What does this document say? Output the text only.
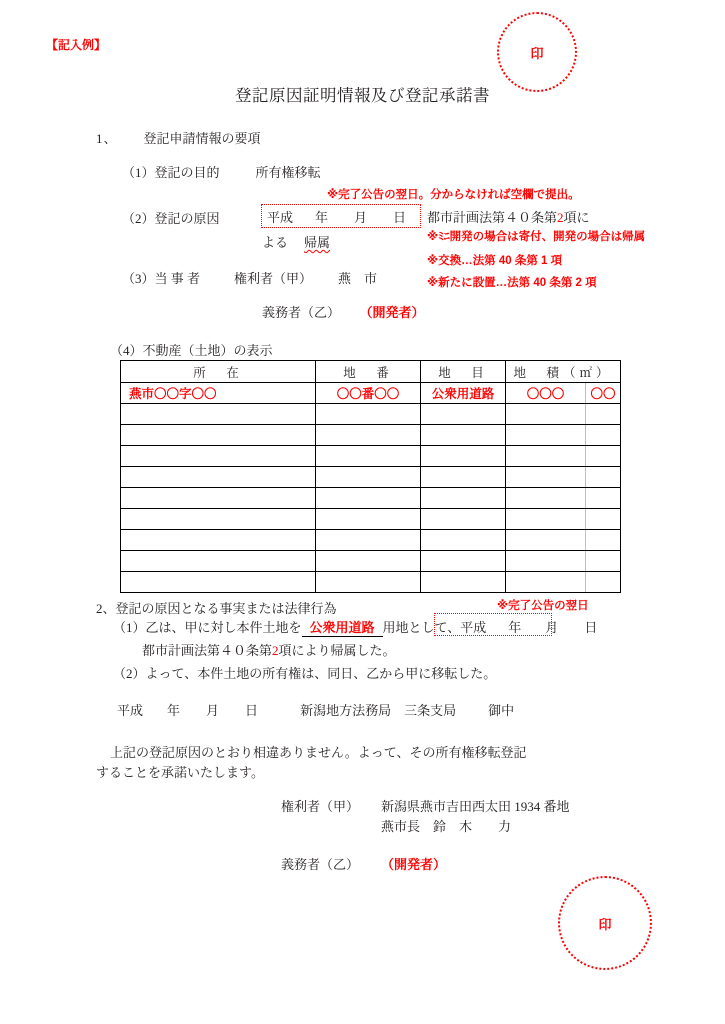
印
印
【記入例】
登記原因証明情報及び登記承諾書
1、 登記申請情報の要項
（1）登記の目的	所有権移転
（2）登記の原因	平成 年 月 日 都市計画法第４０条第2項に
よる 帰属
（3）当 事 者	権利者（甲） 燕　市
義務者（乙） （開発者）
※完了公告の翌日。分からなければ空欄で提出。
※ﾐﾆ開発の場合は寄付、開発の場合は帰属
※交換…法第 40 条第 1 項
※新たに設置…法第 40 条第 2 項
（4）不動産（土地）の表示
所　在	地　番	地　目	地　積（㎡）	
燕市〇〇字〇〇	〇〇番〇〇	公衆用道路	〇〇〇	〇〇

2、登記の原因となる事実または法律行為	※完了公告の翌日
（1）乙は、甲に対し本件土地を 公衆用道路 用地として、平成 年 月 日
都市計画法第４０条第2項により帰属した。
（2）よって、本件土地の所有権は、同日、乙から甲に移転した。
平成 年 月 日	新潟地方法務局　三条支局 御中
上記の登記原因のとおり相違ありません。よって、その所有権移転登記
することを承諾いたします。
権利者（甲） 新潟県燕市吉田西太田 1934 番地
燕市長　鈴　木　　力
義務者（乙） （開発者）
